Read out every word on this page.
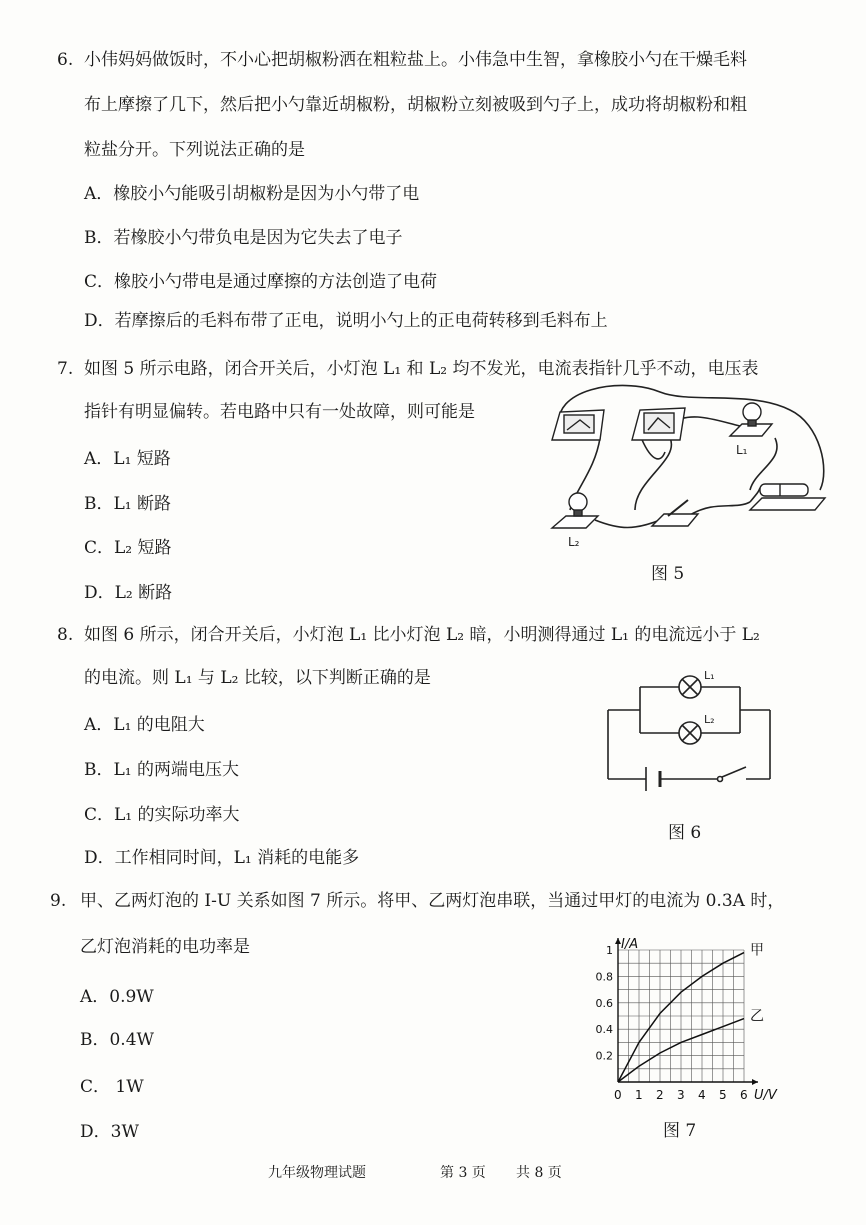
6. 小伟妈妈做饭时，不小心把胡椒粉洒在粗粒盐上。小伟急中生智，拿橡胶小勺在干燥毛料
布上摩擦了几下，然后把小勺靠近胡椒粉，胡椒粉立刻被吸到勺子上，成功将胡椒粉和粗
粒盐分开。下列说法正确的是
A．橡胶小勺能吸引胡椒粉是因为小勺带了电
B．若橡胶小勺带负电是因为它失去了电子
C．橡胶小勺带电是通过摩擦的方法创造了电荷
D．若摩擦后的毛料布带了正电，说明小勺上的正电荷转移到毛料布上
7. 如图 5 所示电路，闭合开关后，小灯泡 L₁ 和 L₂ 均不发光，电流表指针几乎不动，电压表
指针有明显偏转。若电路中只有一处故障，则可能是
A．L₁ 短路
B．L₁ 断路
C．L₂ 短路
D．L₂ 断路
L₁
L₂
图 5
8. 如图 6 所示，闭合开关后，小灯泡 L₁ 比小灯泡 L₂ 暗，小明测得通过 L₁ 的电流远小于 L₂
的电流。则 L₁ 与 L₂ 比较，以下判断正确的是
A．L₁ 的电阻大
B．L₁ 的两端电压大
C．L₁ 的实际功率大
D．工作相同时间，L₁ 消耗的电能多
L₁
L₂
图 6
9. 甲、乙两灯泡的 I-U 关系如图 7 所示。将甲、乙两灯泡串联，当通过甲灯的电流为 0.3A 时，
乙灯泡消耗的电功率是
A．0.9W
B．0.4W
C． 1W
D．3W
U/V
I/A
0 1 2 3 4 5 6
0.2
0.4
0.6
0.8
1	甲
乙
图 7
九年级物理试题	第 3 页 共 8 页
